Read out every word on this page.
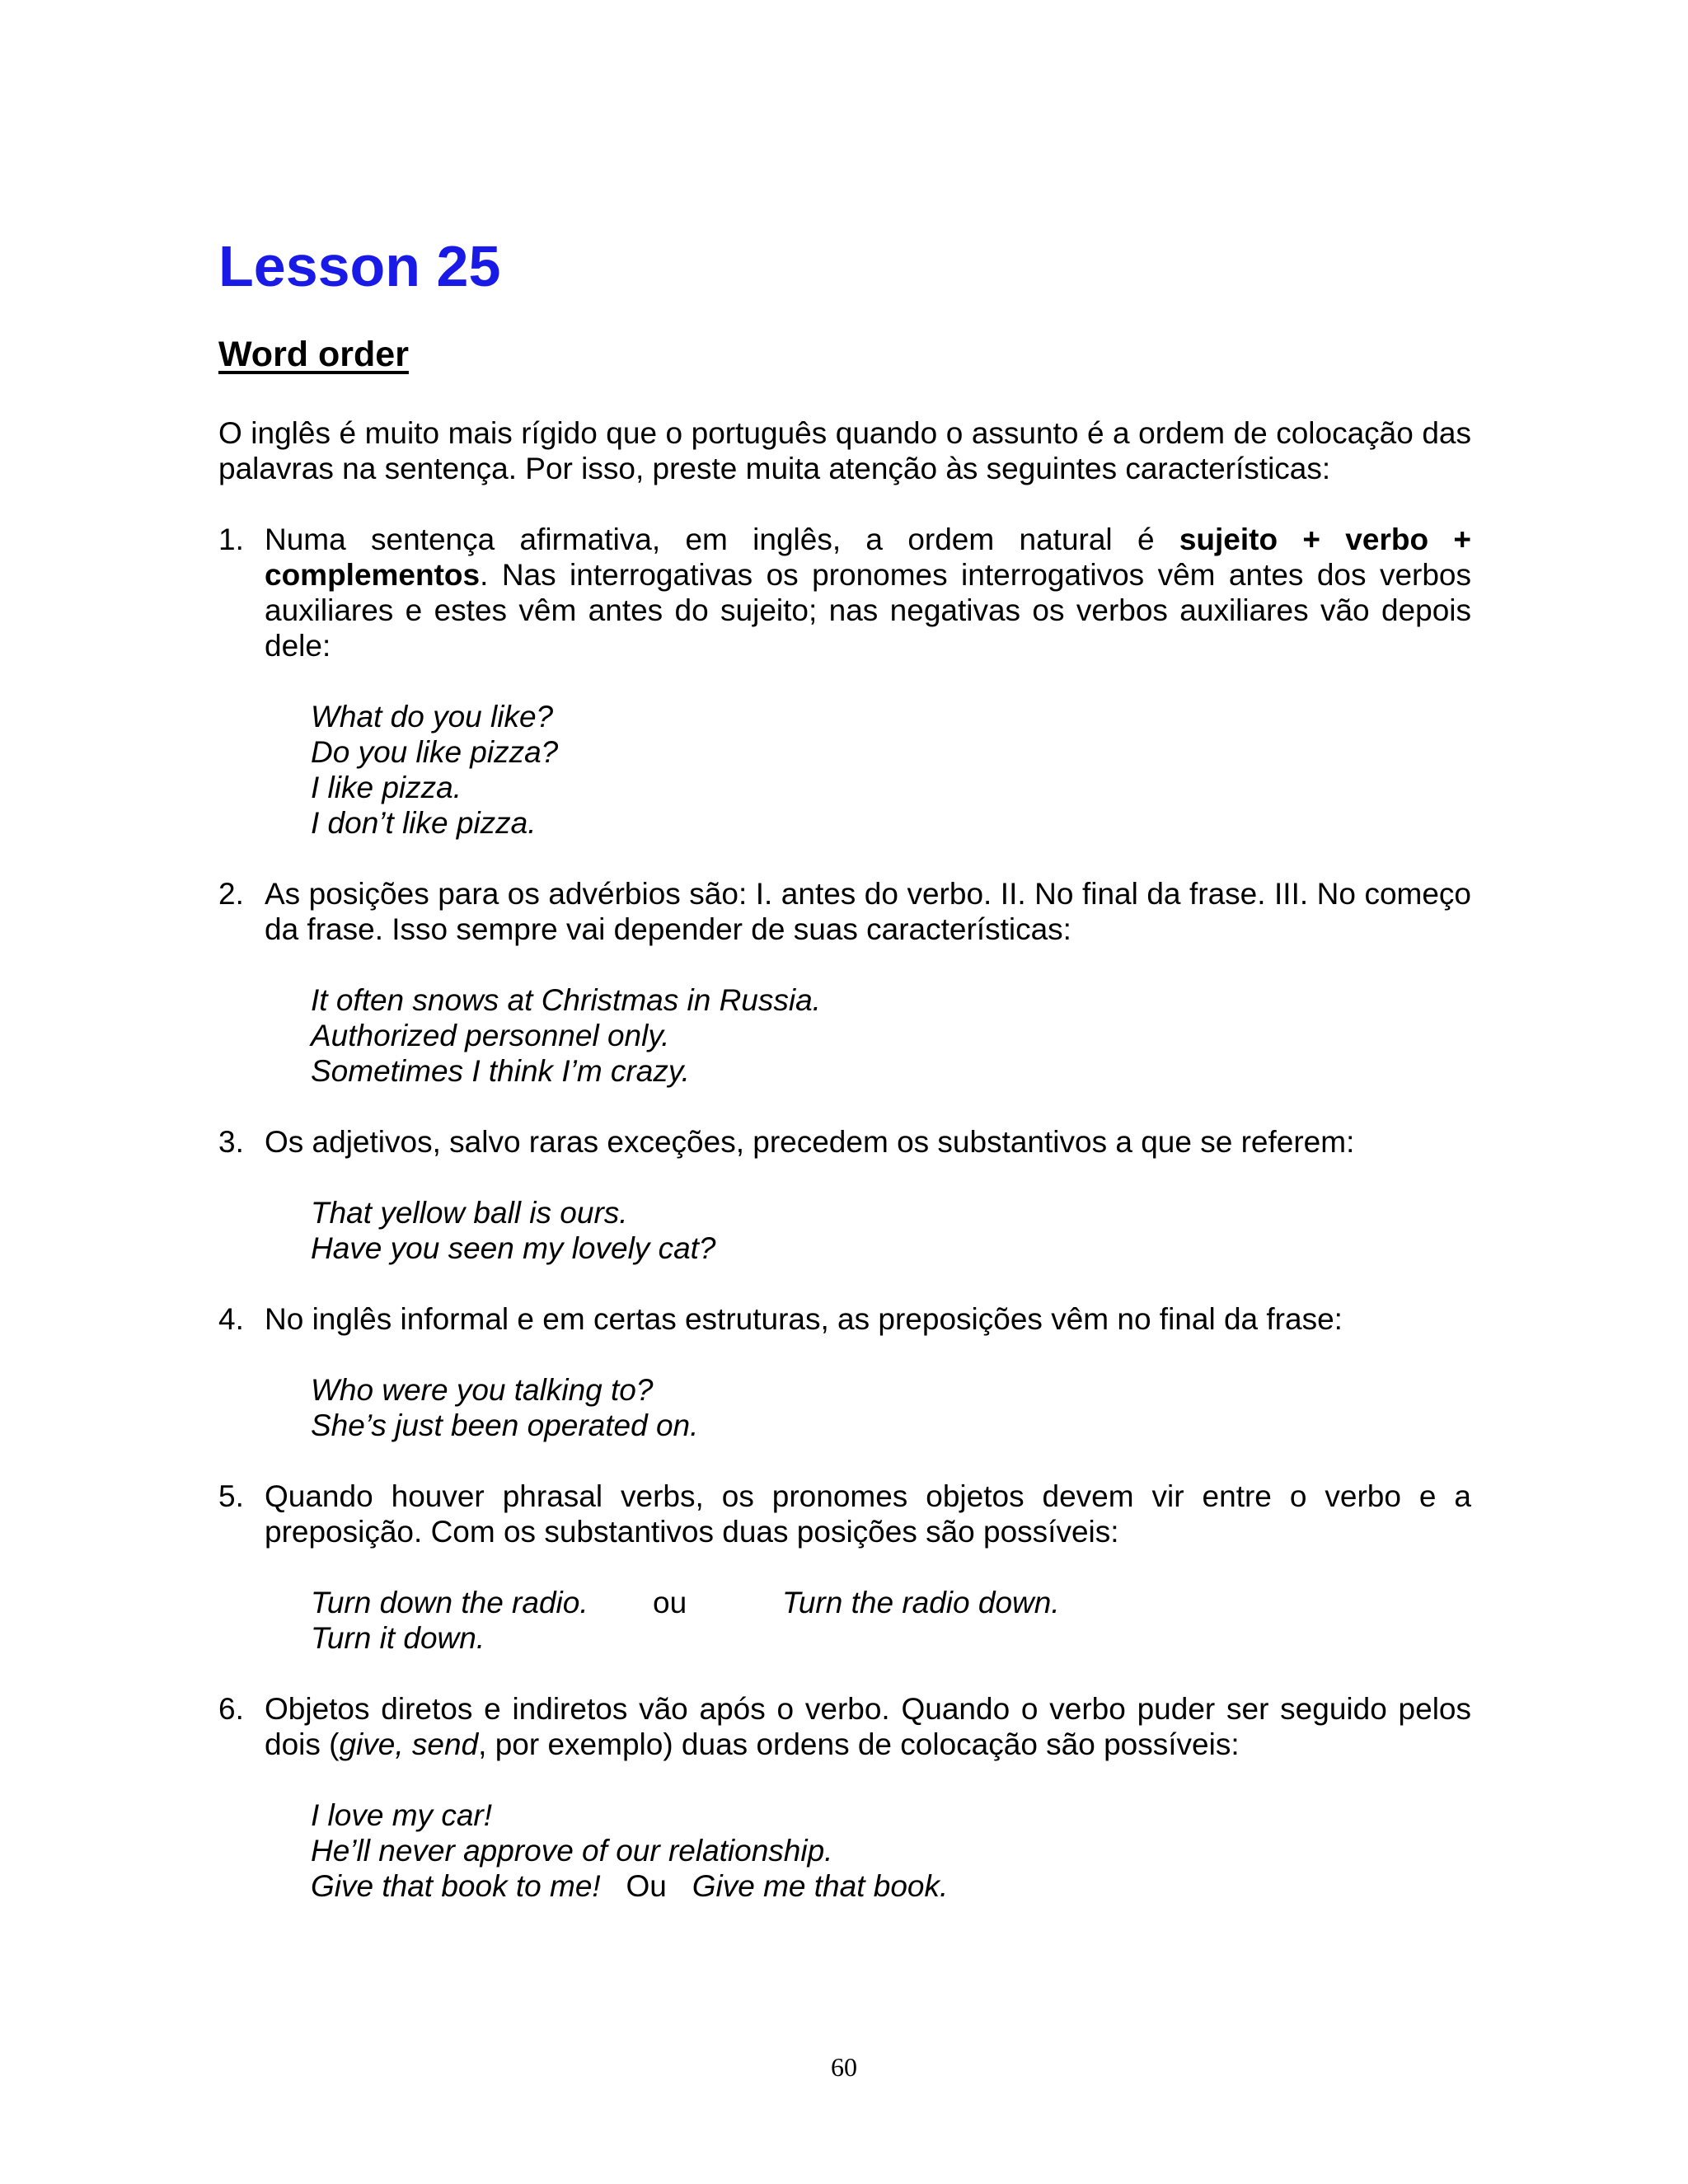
Lesson 25
Word order

O inglês é muito mais rígido que o português quando o assunto é a ordem de colocação das palavras na sentença. Por isso, preste muita atenção às seguintes características:

1. Numa sentença afirmativa, em inglês, a ordem natural é sujeito + verbo + complementos. Nas interrogativas os pronomes interrogativos vêm antes dos verbos auxiliares e estes vêm antes do sujeito; nas negativas os verbos auxiliares vão depois dele:

What do you like?
Do you like pizza?
I like pizza.
I don’t like pizza.
2. As posições para os advérbios são: I. antes do verbo. II. No final da frase. III. No começo da frase. Isso sempre vai depender de suas características:

It often snows at Christmas in Russia.
Authorized personnel only.
Sometimes I think I’m crazy.
3. Os adjetivos, salvo raras exceções, precedem os substantivos a que se referem:

That yellow ball is ours.
Have you seen my lovely cat?
4. No inglês informal e em certas estruturas, as preposições vêm no final da frase:

Who were you talking to?
She’s just been operated on.
5. Quando houver phrasal verbs, os pronomes objetos devem vir entre o verbo e a preposição. Com os substantivos duas posições são possíveis:

Turn down the radio. ou	Turn the radio down.
Turn it down.
6. Objetos diretos e indiretos vão após o verbo. Quando o verbo puder ser seguido pelos dois (give, send, por exemplo) duas ordens de colocação são possíveis:

I love my car!
He’ll never approve of our relationship.
Give that book to me! Ou Give me that book.
60
